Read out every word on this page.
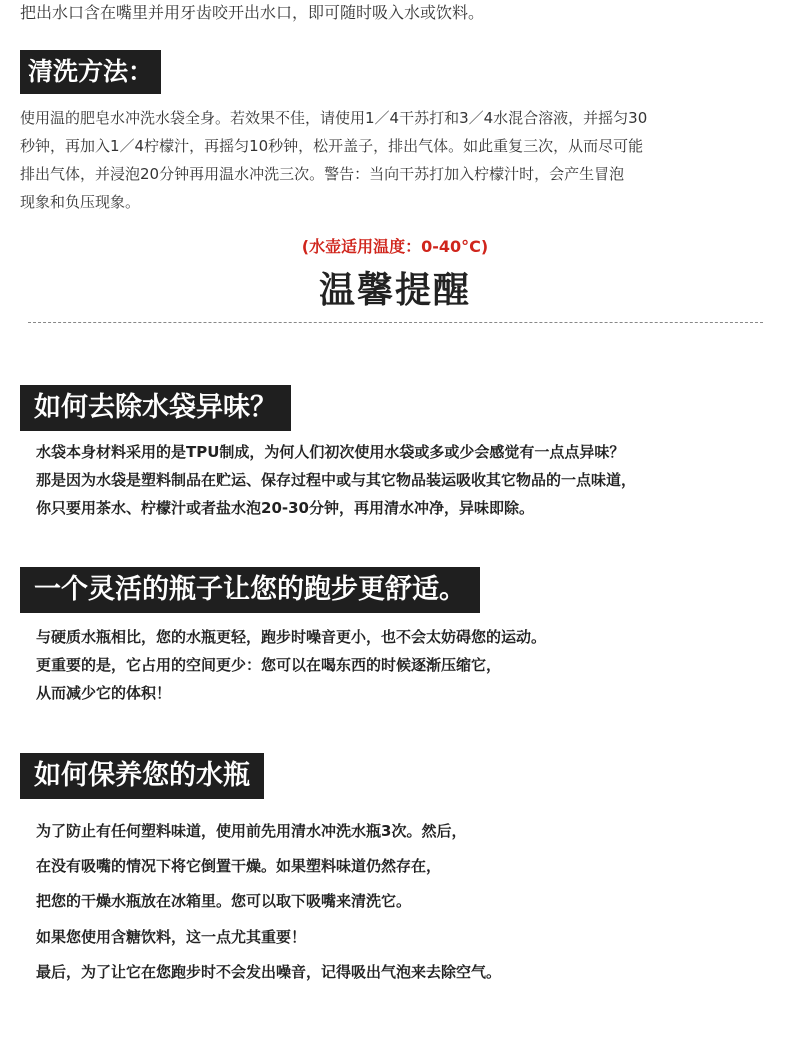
把出水口含在嘴里并用牙齿咬开出水口，即可随时吸入水或饮料。
清洗方法：
使用温的肥皂水冲洗水袋全身。若效果不佳，请使用1／4干苏打和3／4水混合溶液，并摇匀30
秒钟，再加入1／4柠檬汁，再摇匀10秒钟，松开盖子，排出气体。如此重复三次，从而尽可能
排出气体，并浸泡20分钟再用温水冲洗三次。警告：当向干苏打加入柠檬汁时，会产生冒泡
现象和负压现象。
(水壶适用温度：0-40°C)
温馨提醒
如何去除水袋异味？
水袋本身材料采用的是TPU制成，为何人们初次使用水袋或多或少会感觉有一点点异味？
那是因为水袋是塑料制品在贮运、保存过程中或与其它物品装运吸收其它物品的一点味道，
你只要用茶水、柠檬汁或者盐水泡20-30分钟，再用清水冲净，异味即除。
一个灵活的瓶子让您的跑步更舒适。
与硬质水瓶相比，您的水瓶更轻，跑步时噪音更小，也不会太妨碍您的运动。
更重要的是，它占用的空间更少：您可以在喝东西的时候逐渐压缩它，
从而减少它的体积！
如何保养您的水瓶
为了防止有任何塑料味道，使用前先用清水冲洗水瓶3次。然后，
在没有吸嘴的情况下将它倒置干燥。如果塑料味道仍然存在，
把您的干燥水瓶放在冰箱里。您可以取下吸嘴来清洗它。
如果您使用含糖饮料，这一点尤其重要！
最后，为了让它在您跑步时不会发出噪音，记得吸出气泡来去除空气。
